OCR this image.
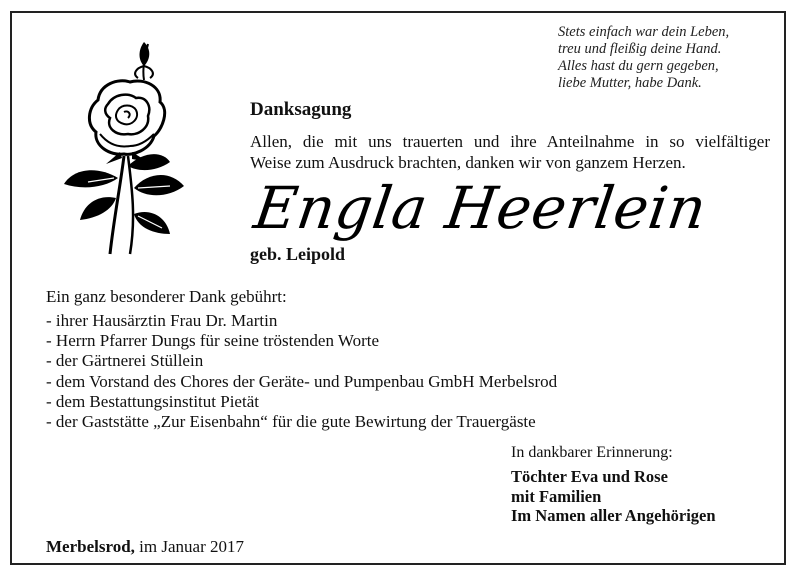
Stets einfach war dein Leben,
treu und fleißig deine Hand.
Alles hast du gern gegeben,
liebe Mutter, habe Dank.
Danksagung
Allen, die mit uns trauerten und ihre Anteilnahme in so vielfältiger
Weise zum Ausdruck brachten, danken wir von ganzem Herzen.
Engla Heerlein
geb. Leipold
Ein ganz besonderer Dank gebührt:
- ihrer Hausärztin Frau Dr. Martin
- Herrn Pfarrer Dungs für seine tröstenden Worte
- der Gärtnerei Stüllein
- dem Vorstand des Chores der Geräte- und Pumpenbau GmbH Merbelsrod
- dem Bestattungsinstitut Pietät
- der Gaststätte „Zur Eisenbahn“ für die gute Bewirtung der Trauergäste
In dankbarer Erinnerung:
Töchter Eva und Rose
mit Familien
Im Namen aller Angehörigen
Merbelsrod, im Januar 2017
